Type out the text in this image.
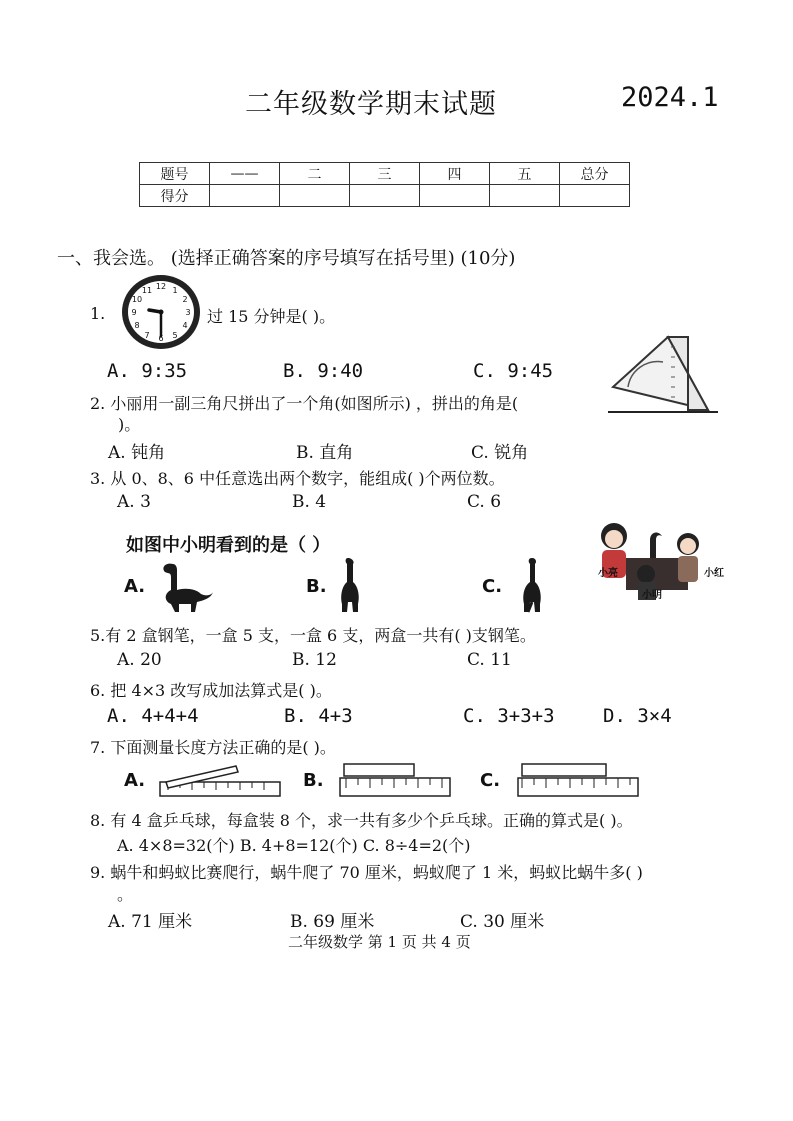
二年级数学期末试题	2024.1
题号	——	二	三	四	五	总分
得分						
一、我会选。 (选择正确答案的序号填写在括号里) (10分)
1.
12 1
2
3
4
5
6
7
8
9
10
11
过 15 分钟是( )。
A. 9:35	B. 9:40	C. 9:45
2. 小丽用一副三角尺拼出了一个角(如图所示) ，拼出的角是(
)。
A. 钝角	B. 直角	C. 锐角
3. 从 0、8、6 中任意选出两个数字，能组成( )个两位数。
A. 3	B. 4	C. 6
如图中小明看到的是（ ）
A.	B.	C.
小亮	小红
小明
5.有 2 盒钢笔，一盒 5 支，一盒 6 支，两盒一共有( )支钢笔。
A. 20	B. 12	C. 11
6. 把 4×3 改写成加法算式是( )。
A. 4+4+4	B. 4+3	C. 3+3+3	D. 3×4
7. 下面测量长度方法正确的是( )。
A.	B.	C.
8. 有 4 盒乒乓球，每盒装 8 个，求一共有多少个乒乓球。正确的算式是( )。
A. 4×8=32(个) B. 4+8=12(个) C. 8÷4=2(个)
9. 蜗牛和蚂蚁比赛爬行，蜗牛爬了 70 厘米，蚂蚁爬了 1 米，蚂蚁比蜗牛多( )
。
A. 71 厘米	B. 69 厘米	C. 30 厘米
二年级数学 第 1 页 共 4 页
